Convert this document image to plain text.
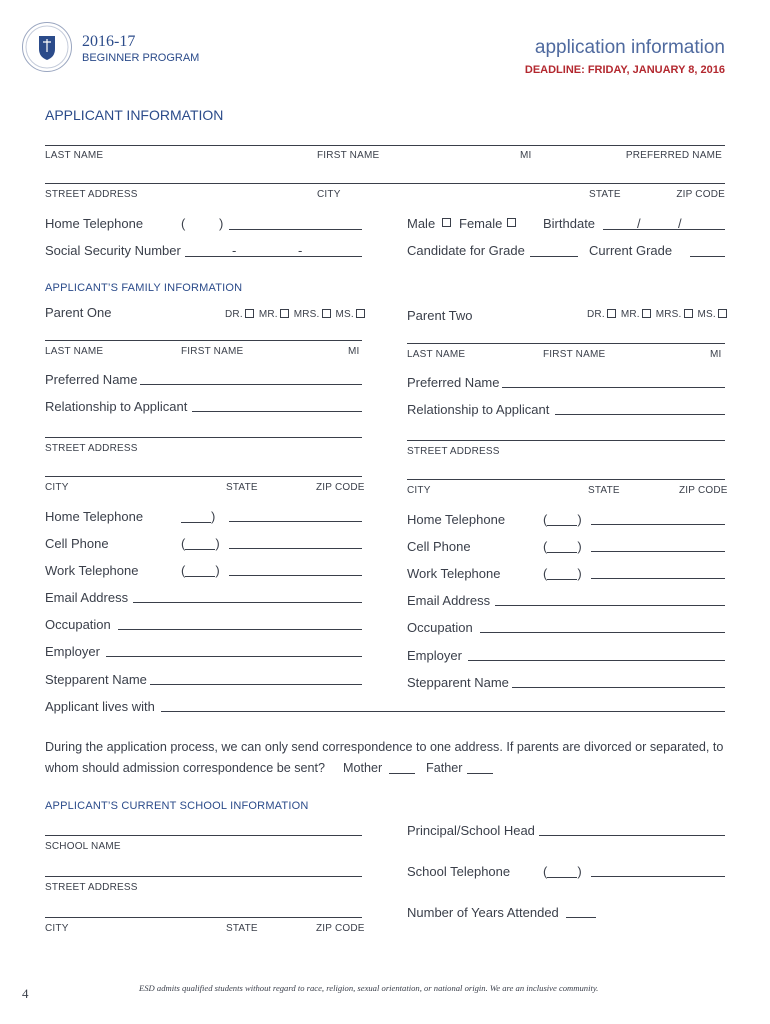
2016-17
BEGINNER PROGRAM	application information
DEADLINE: FRIDAY, JANUARY 8, 2016
APPLICANT INFORMATION
LAST NAME	FIRST NAME	MI	PREFERRED NAME
STREET ADDRESS	CITY	STATE	ZIP CODE
Home Telephone	(	)	Male Female	Birthdate	/	/
Social Security Number	-	-	Candidate for Grade	Current Grade
APPLICANT’S FAMILY INFORMATION
Parent One	DR. MR. MRS. MS.	Parent Two	DR. MR. MRS. MS.
LAST NAME	FIRST NAME	MI
Preferred Name
Relationship to Applicant
STREET ADDRESS
CITY	STATE	ZIP CODE
Home Telephone	)
Cell Phone	( )
Work Telephone	( )
Email Address
Occupation
Employer
Stepparent Name
LAST NAME	FIRST NAME	MI
Preferred Name
Relationship to Applicant
STREET ADDRESS
CITY	STATE	ZIP CODE
Home Telephone	( )
Cell Phone	( )
Work Telephone	( )
Email Address
Occupation
Employer
Stepparent Name
Applicant lives with
During the application process, we can only send correspondence to one address. If parents are divorced or separated, to
whom should admission correspondence be sent? Mother	Father
APPLICANT’S CURRENT SCHOOL INFORMATION
SCHOOL NAME
STREET ADDRESS
CITY	STATE	ZIP CODE
Principal/School Head
School Telephone	( )
Number of Years Attended
4	ESD admits qualified students without regard to race, religion, sexual orientation, or national origin. We are an inclusive community.
